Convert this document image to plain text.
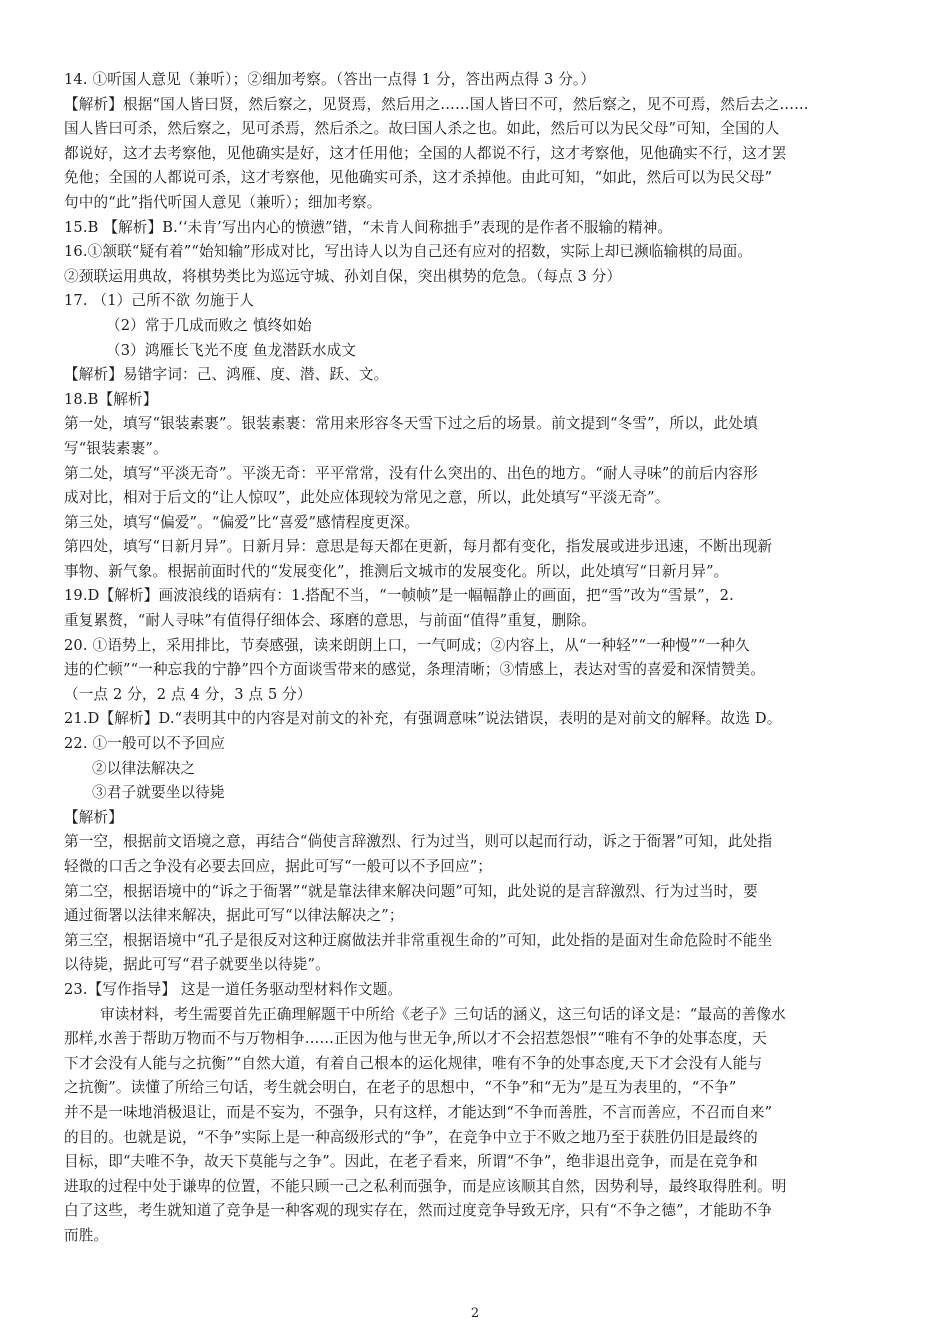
14. ①听国人意见（兼听）；②细加考察。（答出一点得 1 分，答出两点得 3 分。）
【解析】根据“国人皆曰贤，然后察之，见贤焉，然后用之……国人皆曰不可，然后察之，见不可焉，然后去之……
国人皆曰可杀，然后察之，见可杀焉，然后杀之。故曰国人杀之也。如此，然后可以为民父母”可知，全国的人
都说好，这才去考察他，见他确实是好，这才任用他；全国的人都说不行，这才考察他，见他确实不行，这才罢
免他；全国的人都说可杀，这才考察他，见他确实可杀，这才杀掉他。由此可知，“如此，然后可以为民父母”
句中的“此”指代听国人意见（兼听）；细加考察。
15.B 【解析】B.‘‘未肯’写出内心的愤懑”错，“未肯人间称拙手”表现的是作者不服输的精神。
16.①颔联“疑有着”“始知输”形成对比，写出诗人以为自己还有应对的招数，实际上却已濒临输棋的局面。
②颈联运用典故，将棋势类比为巡远守城、孙刘自保，突出棋势的危急。（每点 3 分）
17. （1）己所不欲 勿施于人
（2）常于几成而败之 慎终如始
（3）鸿雁长飞光不度 鱼龙潜跃水成文
【解析】易错字词：己、鸿雁、度、潜、跃、文。
18.B【解析】
第一处，填写“银装素裹”。银装素裹：常用来形容冬天雪下过之后的场景。前文提到“冬雪”，所以，此处填
写“银装素裹”。
第二处，填写“平淡无奇”。平淡无奇：平平常常，没有什么突出的、出色的地方。“耐人寻味”的前后内容形
成对比，相对于后文的“让人惊叹”，此处应体现较为常见之意，所以，此处填写“平淡无奇”。
第三处，填写“偏爱”。“偏爱”比“喜爱”感情程度更深。
第四处，填写“日新月异”。日新月异：意思是每天都在更新，每月都有变化，指发展或进步迅速，不断出现新
事物、新气象。根据前面时代的“发展变化”，推测后文城市的发展变化。所以，此处填写“日新月异”。
19.D【解析】画波浪线的语病有：1.搭配不当，“一帧帧”是一幅幅静止的画面，把“雪”改为“雪景”，2.
重复累赘，“耐人寻味”有值得仔细体会、琢磨的意思，与前面“值得”重复，删除。
20. ①语势上，采用排比，节奏感强，读来朗朗上口，一气呵成；②内容上，从“一种轻”“一种慢”“一种久
违的伫顿”“一种忘我的宁静”四个方面谈雪带来的感觉，条理清晰；③情感上，表达对雪的喜爱和深情赞美。
（一点 2 分，2 点 4 分，3 点 5 分）
21.D【解析】D.“表明其中的内容是对前文的补充，有强调意味”说法错误，表明的是对前文的解释。故选 D。
22. ①一般可以不予回应
②以律法解决之
③君子就要坐以待毙
【解析】
第一空，根据前文语境之意，再结合“倘使言辞激烈、行为过当，则可以起而行动，诉之于衙署”可知，此处指
轻微的口舌之争没有必要去回应，据此可写“一般可以不予回应”；
第二空，根据语境中的“诉之于衙署”“就是靠法律来解决问题”可知，此处说的是言辞激烈、行为过当时，要
通过衙署以法律来解决，据此可写“以律法解决之”；
第三空，根据语境中“孔子是很反对这种迂腐做法并非常重视生命的”可知，此处指的是面对生命危险时不能坐
以待毙，据此可写“君子就要坐以待毙”。
23.【写作指导】 这是一道任务驱动型材料作文题。
审读材料，考生需要首先正确理解题干中所给《老子》三句话的涵义，这三句话的译文是：“最高的善像水
那样,水善于帮助万物而不与万物相争……正因为他与世无争,所以才不会招惹怨恨”“唯有不争的处事态度，天
下才会没有人能与之抗衡”“自然大道，有着自己根本的运化规律，唯有不争的处事态度,天下才会没有人能与
之抗衡”。读懂了所给三句话，考生就会明白，在老子的思想中，“不争”和“无为”是互为表里的，“不争”
并不是一味地消极退让，而是不妄为，不强争，只有这样，才能达到“不争而善胜，不言而善应，不召而自来”
的目的。也就是说，“不争”实际上是一种高级形式的“争”，在竞争中立于不败之地乃至于获胜仍旧是最终的
目标，即“夫唯不争，故天下莫能与之争”。因此，在老子看来，所谓“不争”，绝非退出竞争，而是在竞争和
进取的过程中处于谦卑的位置，不能只顾一己之私利而强争，而是应该顺其自然，因势利导，最终取得胜利。明
白了这些，考生就知道了竞争是一种客观的现实存在，然而过度竞争导致无序，只有“不争之德”，才能助不争
而胜。
2
